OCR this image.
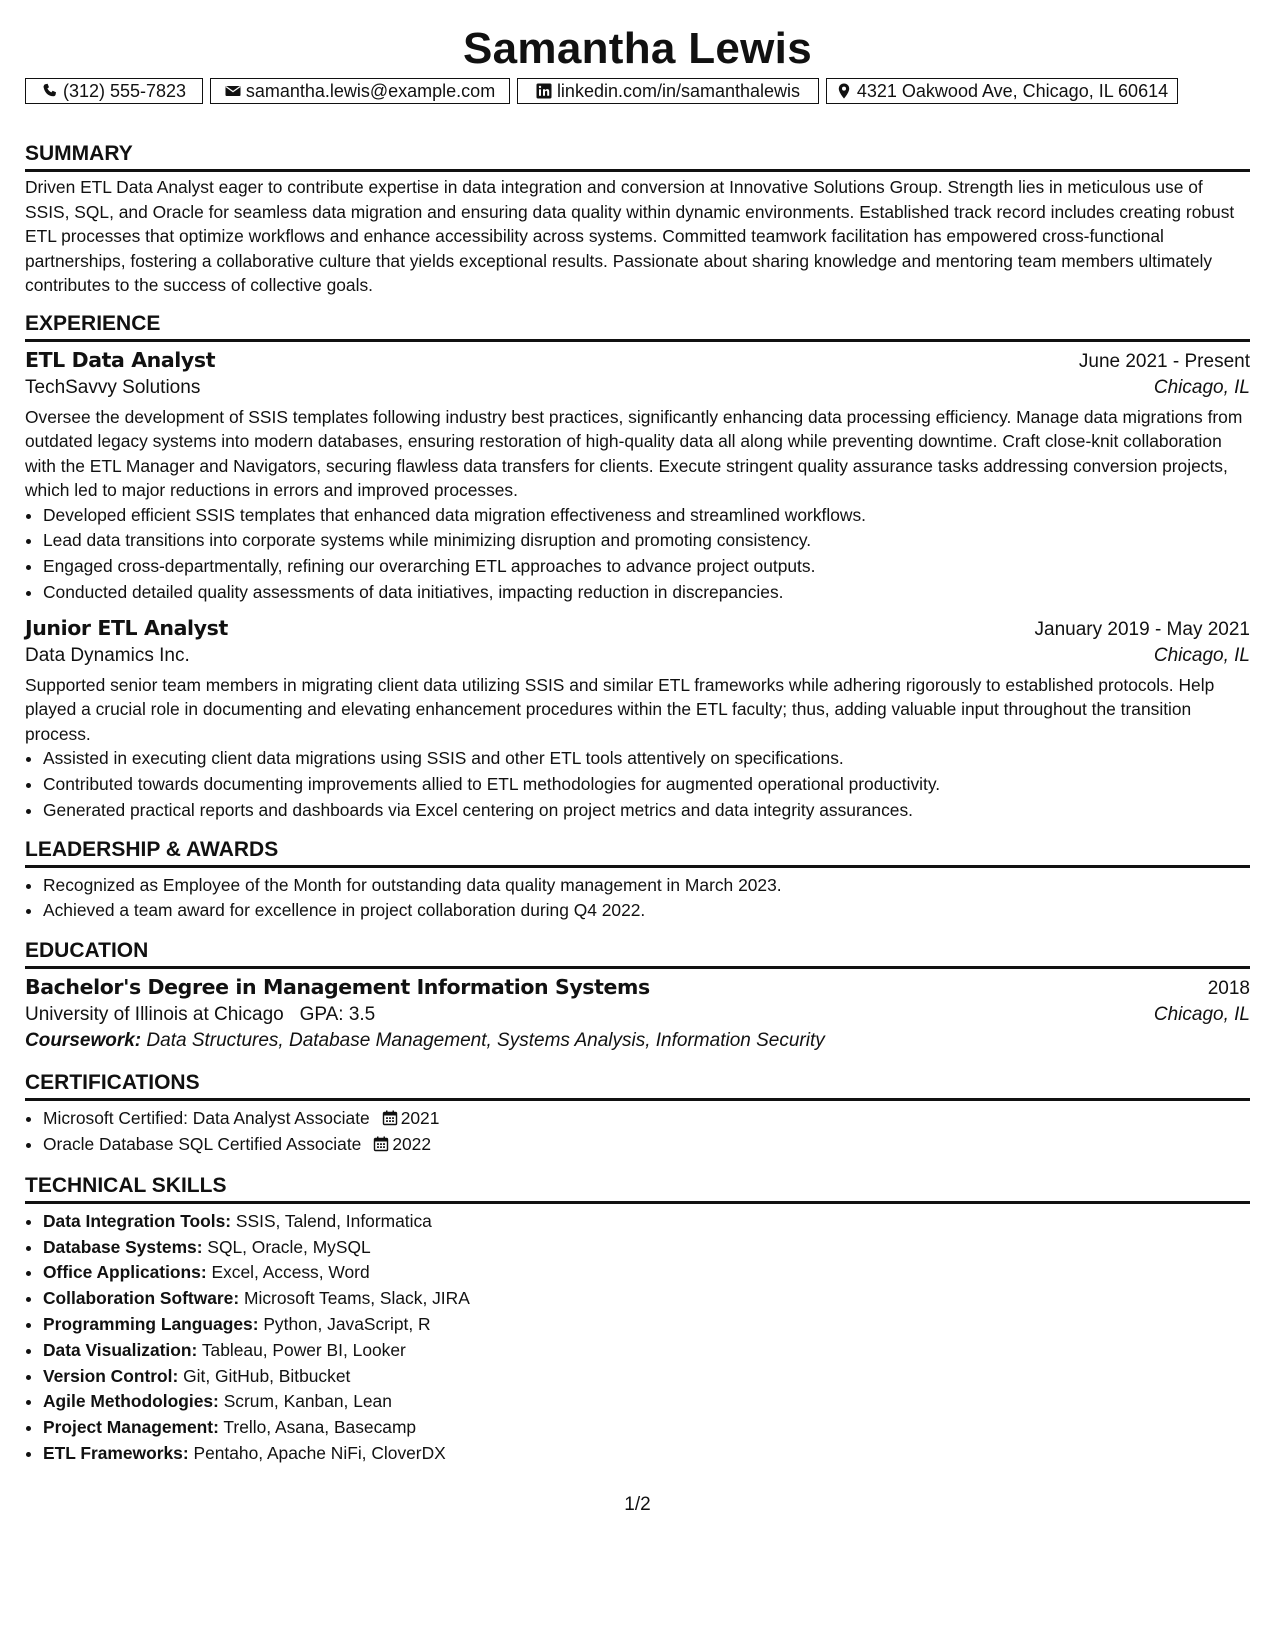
Samantha Lewis
(312) 555-7823	samantha.lewis@example.com	linkedin.com/in/samanthalewis	4321 Oakwood Ave, Chicago, IL 60614
SUMMARY
Driven ETL Data Analyst eager to contribute expertise in data integration and conversion at Innovative Solutions Group. Strength lies in meticulous use of SSIS, SQL, and Oracle for seamless data migration and ensuring data quality within dynamic environments. Established track record includes creating robust ETL processes that optimize workflows and enhance accessibility across systems. Committed teamwork facilitation has empowered cross-functional partnerships, fostering a collaborative culture that yields exceptional results. Passionate about sharing knowledge and mentoring team members ultimately contributes to the success of collective goals.
EXPERIENCE
ETL Data Analyst	June 2021 - Present
TechSavvy Solutions	Chicago, IL
Oversee the development of SSIS templates following industry best practices, significantly enhancing data processing efficiency. Manage data migrations from outdated legacy systems into modern databases, ensuring restoration of high-quality data all along while preventing downtime. Craft close-knit collaboration with the ETL Manager and Navigators, securing flawless data transfers for clients. Execute stringent quality assurance tasks addressing conversion projects, which led to major reductions in errors and improved processes.
• Developed efficient SSIS templates that enhanced data migration effectiveness and streamlined workflows.
• Lead data transitions into corporate systems while minimizing disruption and promoting consistency.
• Engaged cross-departmentally, refining our overarching ETL approaches to advance project outputs.
• Conducted detailed quality assessments of data initiatives, impacting reduction in discrepancies.
Junior ETL Analyst	January 2019 - May 2021
Data Dynamics Inc.	Chicago, IL
Supported senior team members in migrating client data utilizing SSIS and similar ETL frameworks while adhering rigorously to established protocols. Help played a crucial role in documenting and elevating enhancement procedures within the ETL faculty; thus, adding valuable input throughout the transition process.
• Assisted in executing client data migrations using SSIS and other ETL tools attentively on specifications.
• Contributed towards documenting improvements allied to ETL methodologies for augmented operational productivity.
• Generated practical reports and dashboards via Excel centering on project metrics and data integrity assurances.
LEADERSHIP & AWARDS
• Recognized as Employee of the Month for outstanding data quality management in March 2023.
• Achieved a team award for excellence in project collaboration during Q4 2022.
EDUCATION
Bachelor's Degree in Management Information Systems	2018
University of Illinois at Chicago GPA: 3.5	Chicago, IL
Coursework: Data Structures, Database Management, Systems Analysis, Information Security
CERTIFICATIONS
• Microsoft Certified: Data Analyst Associate 2021
• Oracle Database SQL Certified Associate 2022
TECHNICAL SKILLS
• Data Integration Tools: SSIS, Talend, Informatica
• Database Systems: SQL, Oracle, MySQL
• Office Applications: Excel, Access, Word
• Collaboration Software: Microsoft Teams, Slack, JIRA
• Programming Languages: Python, JavaScript, R
• Data Visualization: Tableau, Power BI, Looker
• Version Control: Git, GitHub, Bitbucket
• Agile Methodologies: Scrum, Kanban, Lean
• Project Management: Trello, Asana, Basecamp
• ETL Frameworks: Pentaho, Apache NiFi, CloverDX
1/2
